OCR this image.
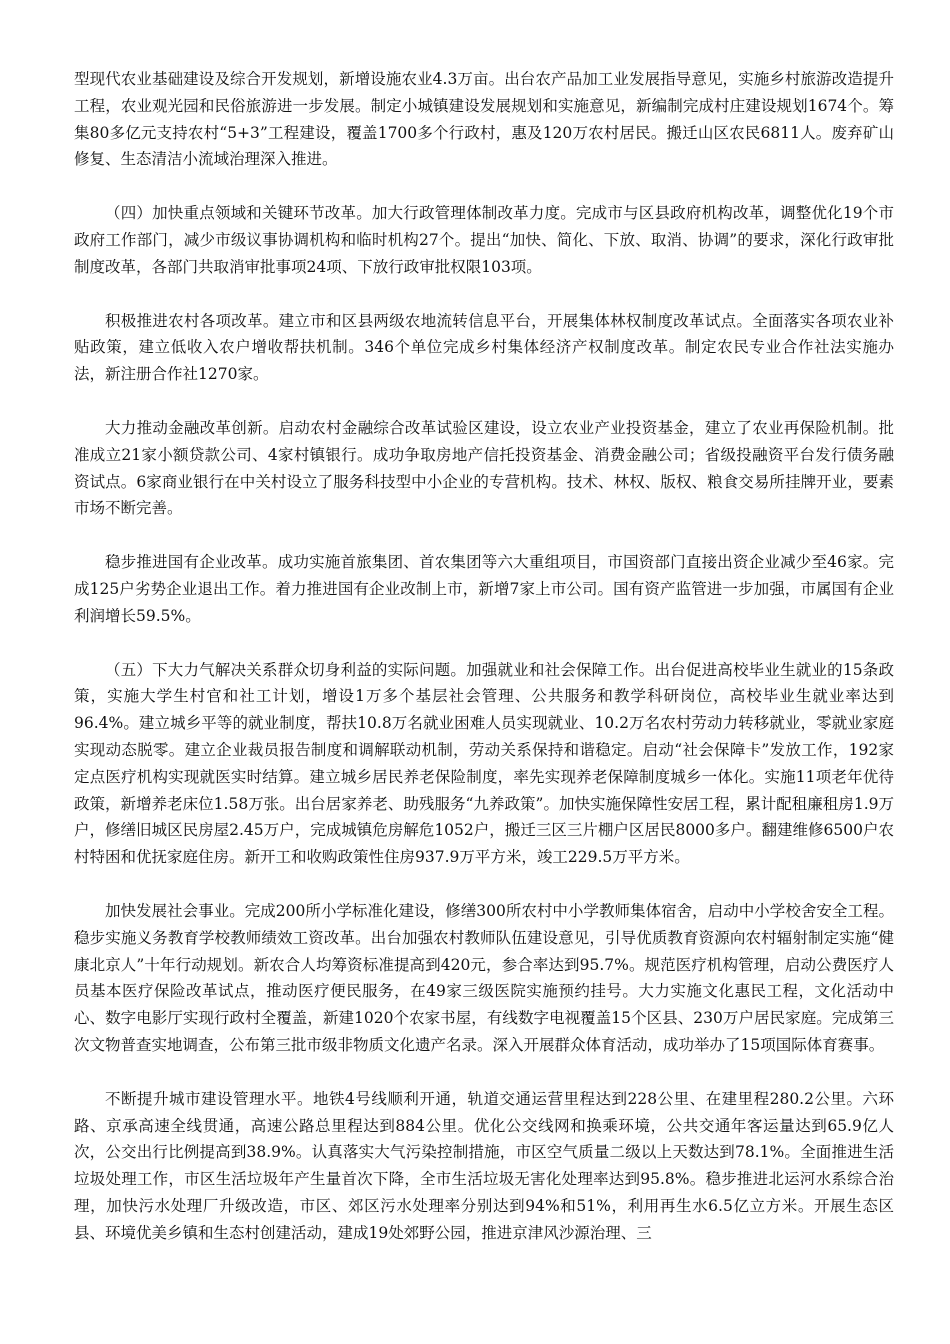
型现代农业基础建设及综合开发规划，新增设施农业4.3万亩。出台农产品加工业发展指导意见，实施乡村旅游改造提升工程，农业观光园和民俗旅游进一步发展。制定小城镇建设发展规划和实施意见，新编制完成村庄建设规划1674个。筹集80多亿元支持农村“5+3”工程建设，覆盖1700多个行政村，惠及120万农村居民。搬迁山区农民6811人。废弃矿山修复、生态清洁小流域治理深入推进。

（四）加快重点领域和关键环节改革。加大行政管理体制改革力度。完成市与区县政府机构改革，调整优化19个市政府工作部门，减少市级议事协调机构和临时机构27个。提出“加快、简化、下放、取消、协调”的要求，深化行政审批制度改革，各部门共取消审批事项24项、下放行政审批权限103项。

积极推进农村各项改革。建立市和区县两级农地流转信息平台，开展集体林权制度改革试点。全面落实各项农业补贴政策，建立低收入农户增收帮扶机制。346个单位完成乡村集体经济产权制度改革。制定农民专业合作社法实施办法，新注册合作社1270家。

大力推动金融改革创新。启动农村金融综合改革试验区建设，设立农业产业投资基金，建立了农业再保险机制。批准成立21家小额贷款公司、4家村镇银行。成功争取房地产信托投资基金、消费金融公司；省级投融资平台发行债务融资试点。6家商业银行在中关村设立了服务科技型中小企业的专营机构。技术、林权、版权、粮食交易所挂牌开业，要素市场不断完善。

稳步推进国有企业改革。成功实施首旅集团、首农集团等六大重组项目，市国资部门直接出资企业减少至46家。完成125户劣势企业退出工作。着力推进国有企业改制上市，新增7家上市公司。国有资产监管进一步加强，市属国有企业利润增长59.5%。

（五）下大力气解决关系群众切身利益的实际问题。加强就业和社会保障工作。出台促进高校毕业生就业的15条政策，实施大学生村官和社工计划，增设1万多个基层社会管理、公共服务和教学科研岗位，高校毕业生就业率达到96.4%。建立城乡平等的就业制度，帮扶10.8万名就业困难人员实现就业、10.2万名农村劳动力转移就业，零就业家庭实现动态脱零。建立企业裁员报告制度和调解联动机制，劳动关系保持和谐稳定。启动“社会保障卡”发放工作，192家定点医疗机构实现就医实时结算。建立城乡居民养老保险制度，率先实现养老保障制度城乡一体化。实施11项老年优待政策，新增养老床位1.58万张。出台居家养老、助残服务“九养政策”。加快实施保障性安居工程，累计配租廉租房1.9万户，修缮旧城区民房屋2.45万户，完成城镇危房解危1052户，搬迁三区三片棚户区居民8000多户。翻建维修6500户农村特困和优抚家庭住房。新开工和收购政策性住房937.9万平方米，竣工229.5万平方米。

加快发展社会事业。完成200所小学标准化建设，修缮300所农村中小学教师集体宿舍，启动中小学校舍安全工程。稳步实施义务教育学校教师绩效工资改革。出台加强农村教师队伍建设意见，引导优质教育资源向农村辐射制定实施“健康北京人”十年行动规划。新农合人均筹资标准提高到420元，参合率达到95.7%。规范医疗机构管理，启动公费医疗人员基本医疗保险改革试点，推动医疗便民服务，在49家三级医院实施预约挂号。大力实施文化惠民工程，文化活动中心、数字电影厅实现行政村全覆盖，新建1020个农家书屋，有线数字电视覆盖15个区县、230万户居民家庭。完成第三次文物普查实地调查，公布第三批市级非物质文化遗产名录。深入开展群众体育活动，成功举办了15项国际体育赛事。

不断提升城市建设管理水平。地铁4号线顺利开通，轨道交通运营里程达到228公里、在建里程280.2公里。六环路、京承高速全线贯通，高速公路总里程达到884公里。优化公交线网和换乘环境，公共交通年客运量达到65.9亿人次，公交出行比例提高到38.9%。认真落实大气污染控制措施，市区空气质量二级以上天数达到78.1%。全面推进生活垃圾处理工作，市区生活垃圾年产生量首次下降，全市生活垃圾无害化处理率达到95.8%。稳步推进北运河水系综合治理，加快污水处理厂升级改造，市区、郊区污水处理率分别达到94%和51%，利用再生水6.5亿立方米。开展生态区县、环境优美乡镇和生态村创建活动，建成19处郊野公园，推进京津风沙源治理、三
